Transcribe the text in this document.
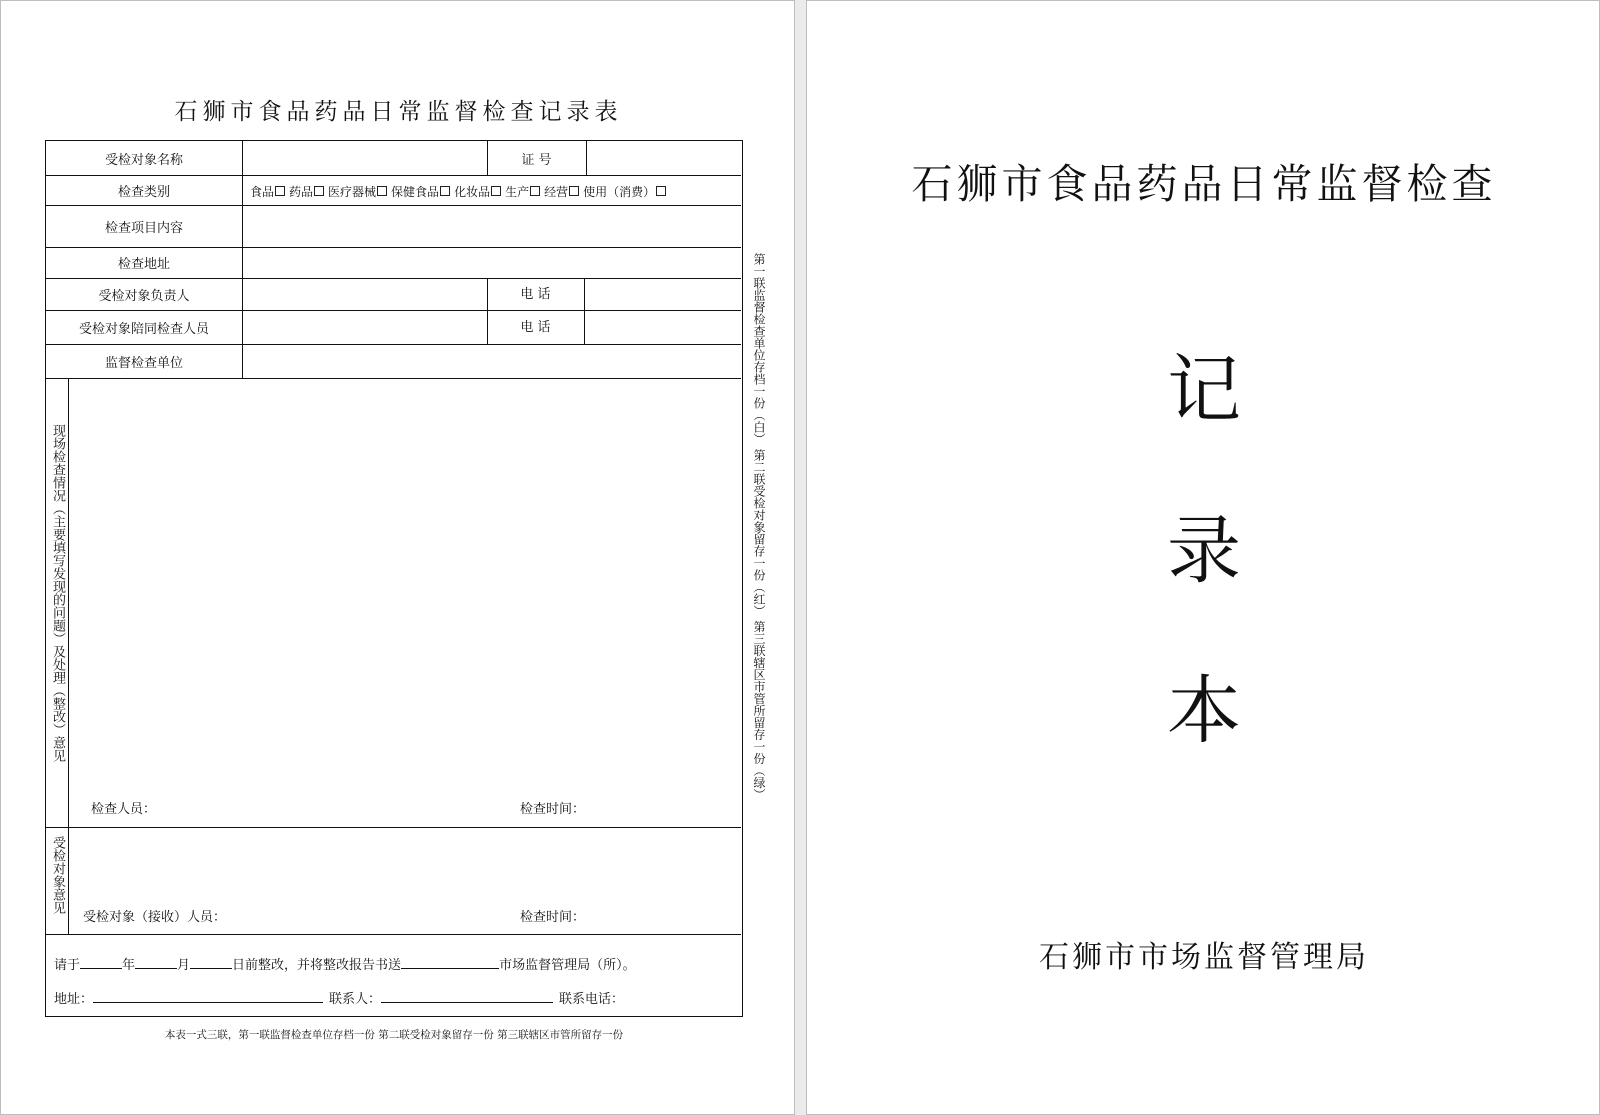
石狮市食品药品日常监督检查记录表
受检对象名称	证 号
检查类别	食品 药品 医疗器械 保健食品 化妆品 生产 经营 使用（消费）
检查项目内容
检查地址
受检对象负责人	电 话
受检对象陪同检查人员	电 话
监督检查单位
现场检查情况（主要填写发现的问题）及处理（整改）意见
检查人员：	检查时间：
受检对象意见
受检对象（接收）人员：	检查时间：
请于	年	月	日前整改，并将整改报告书送	市场监督管理局（所）。
地址：	联系人：	联系电话：
本表一式三联，第一联监督检查单位存档一份 第二联受检对象留存一份 第三联辖区市管所留存一份
第一联监督检查单位存档一份（白） 第二联受检对象留存一份（红） 第三联辖区市管所留存一份（绿）
石狮市食品药品日常监督检查
记
录
本
石狮市市场监督管理局
